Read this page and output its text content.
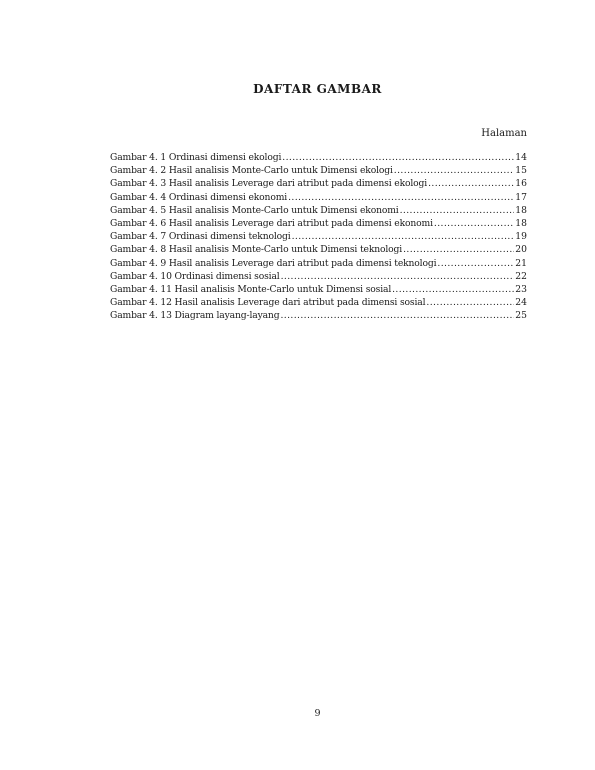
DAFTAR GAMBAR
Halaman
Gambar 4. 1 Ordinasi dimensi ekologi .....	14
Gambar 4. 2 Hasil analisis Monte-Carlo untuk Dimensi ekologi .....	15
Gambar 4. 3 Hasil analisis Leverage dari atribut pada dimensi ekologi .....	16
Gambar 4. 4 Ordinasi dimensi ekonomi .....	17
Gambar 4. 5 Hasil analisis Monte-Carlo untuk Dimensi ekonomi .....	18
Gambar 4. 6 Hasil analisis Leverage dari atribut pada dimensi ekonomi .....	18
Gambar 4. 7 Ordinasi dimensi teknologi .....	19
Gambar 4. 8 Hasil analisis Monte-Carlo untuk Dimensi teknologi .....	20
Gambar 4. 9 Hasil analisis Leverage dari atribut pada dimensi teknologi .....	21
Gambar 4. 10 Ordinasi dimensi sosial .....	22
Gambar 4. 11 Hasil analisis Monte-Carlo untuk Dimensi sosial .....	23
Gambar 4. 12 Hasil analisis Leverage dari atribut pada dimensi sosial .....	24
Gambar 4. 13 Diagram layang-layang .....	25
9
